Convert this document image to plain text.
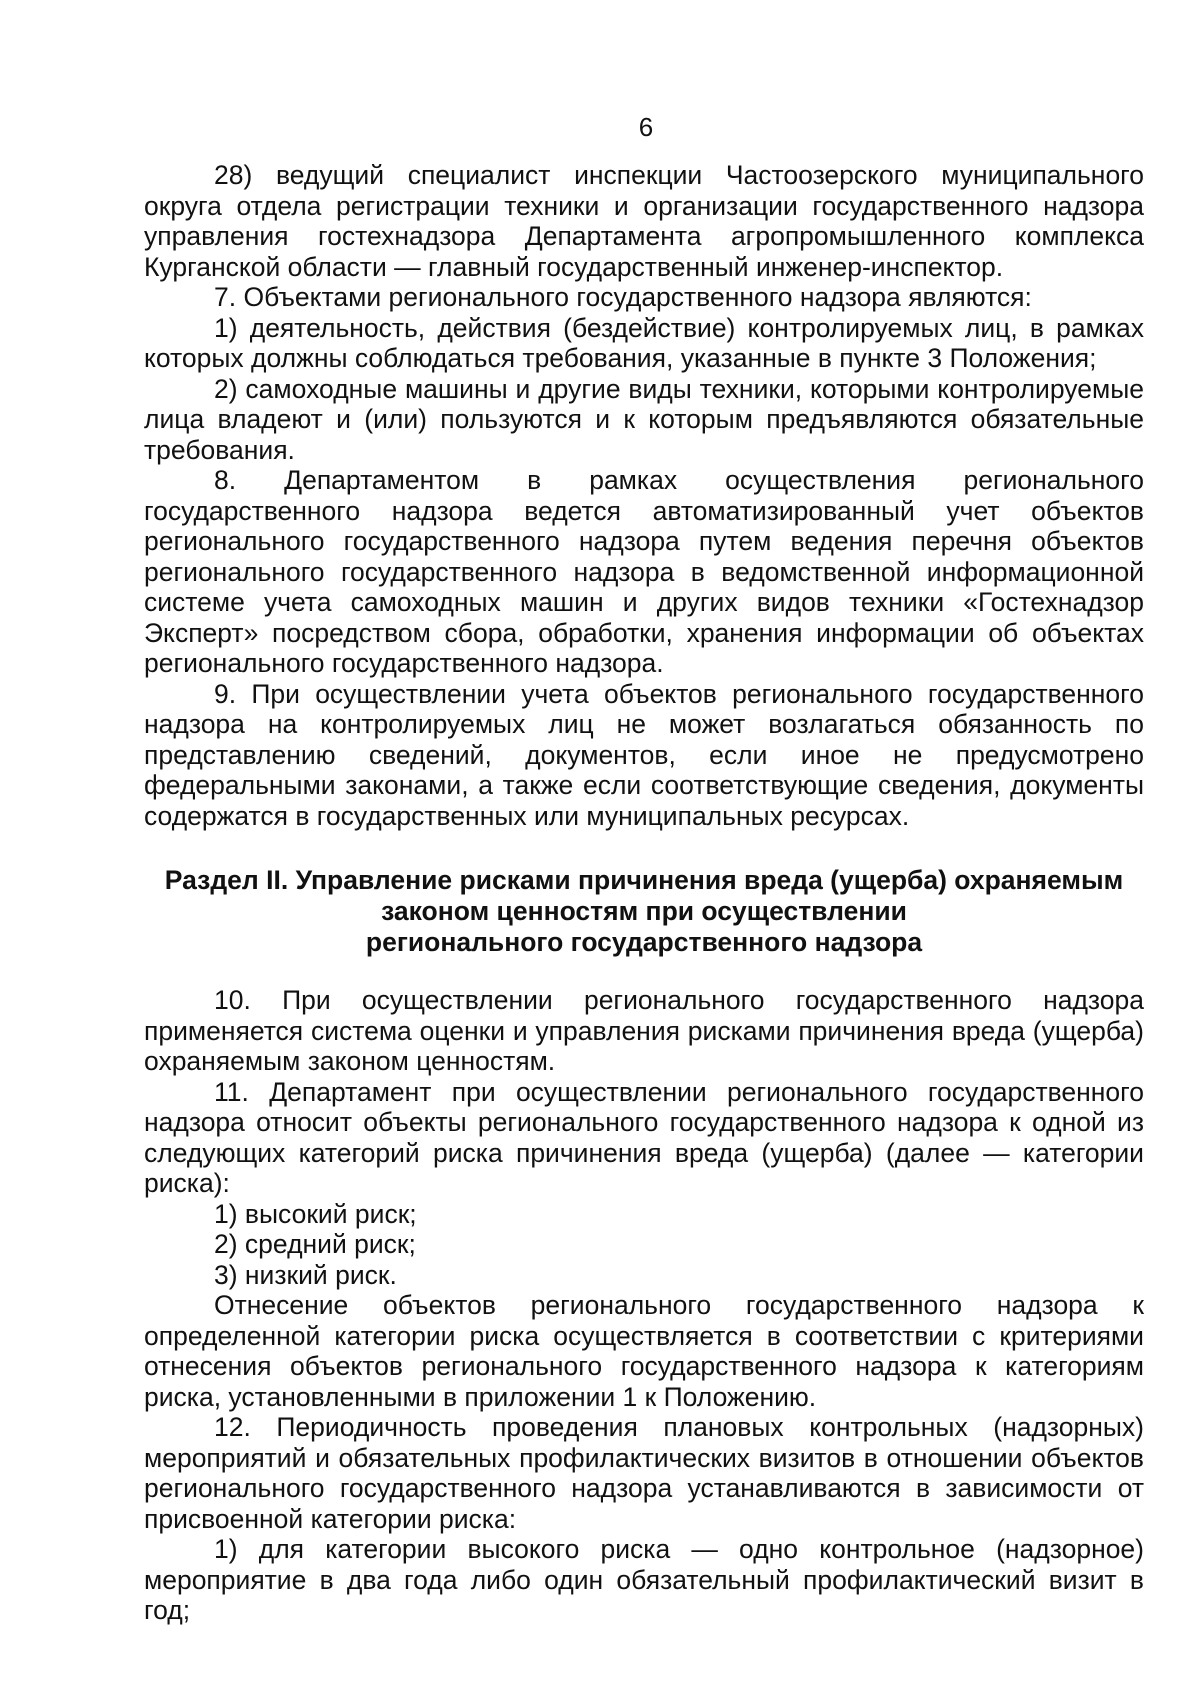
6

28) ведущий специалист инспекции Частоозерского муниципального округа отдела регистрации техники и организации государственного надзора управления гостехнадзора Департамента агропромышленного комплекса Курганской области — главный государственный инженер-инспектор.

7. Объектами регионального государственного надзора являются:

1) деятельность, действия (бездействие) контролируемых лиц, в рамках которых должны соблюдаться требования, указанные в пункте 3 Положения;

2) самоходные машины и другие виды техники, которыми контролируемые лица владеют и (или) пользуются и к которым предъявляются обязательные требования.

8. Департаментом в рамках осуществления регионального государственного надзора ведется автоматизированный учет объектов регионального государственного надзора путем ведения перечня объектов регионального государственного надзора в ведомственной информационной системе учета самоходных машин и других видов техники «Гостехнадзор Эксперт» посредством сбора, обработки, хранения информации об объектах регионального государственного надзора.

9. При осуществлении учета объектов регионального государственного надзора на контролируемых лиц не может возлагаться обязанность по представлению сведений, документов, если иное не предусмотрено федеральными законами, а также если соответствующие сведения, документы содержатся в государственных или муниципальных ресурсах.

Раздел II. Управление рисками причинения вреда (ущерба) охраняемым
законом ценностям при осуществлении
регионального государственного надзора

10. При осуществлении регионального государственного надзора применяется система оценки и управления рисками причинения вреда (ущерба) охраняемым законом ценностям.

11. Департамент при осуществлении регионального государственного надзора относит объекты регионального государственного надзора к одной из следующих категорий риска причинения вреда (ущерба) (далее — категории риска):

1) высокий риск;

2) средний риск;

3) низкий риск.

Отнесение объектов регионального государственного надзора к определенной категории риска осуществляется в соответствии с критериями отнесения объектов регионального государственного надзора к категориям риска, установленными в приложении 1 к Положению.

12. Периодичность проведения плановых контрольных (надзорных) мероприятий и обязательных профилактических визитов в отношении объектов регионального государственного надзора устанавливаются в зависимости от присвоенной категории риска:

1) для категории высокого риска — одно контрольное (надзорное) мероприятие в два года либо один обязательный профилактический визит в год;
